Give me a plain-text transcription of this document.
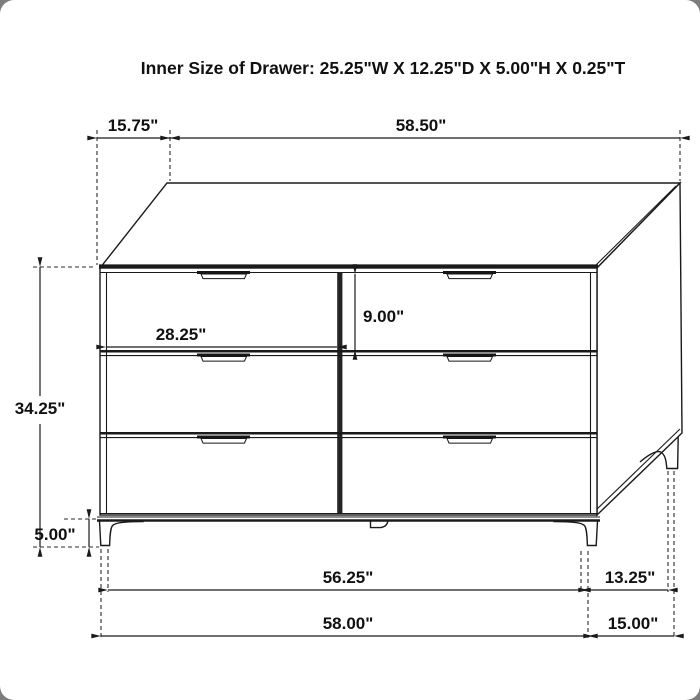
Inner Size of Drawer: 25.25"W X 12.25"D X 5.00"H X 0.25"T
15.75"	58.50"
28.25"
9.00"
34.25"
5.00"
56.25"	13.25"
58.00"	15.00"
